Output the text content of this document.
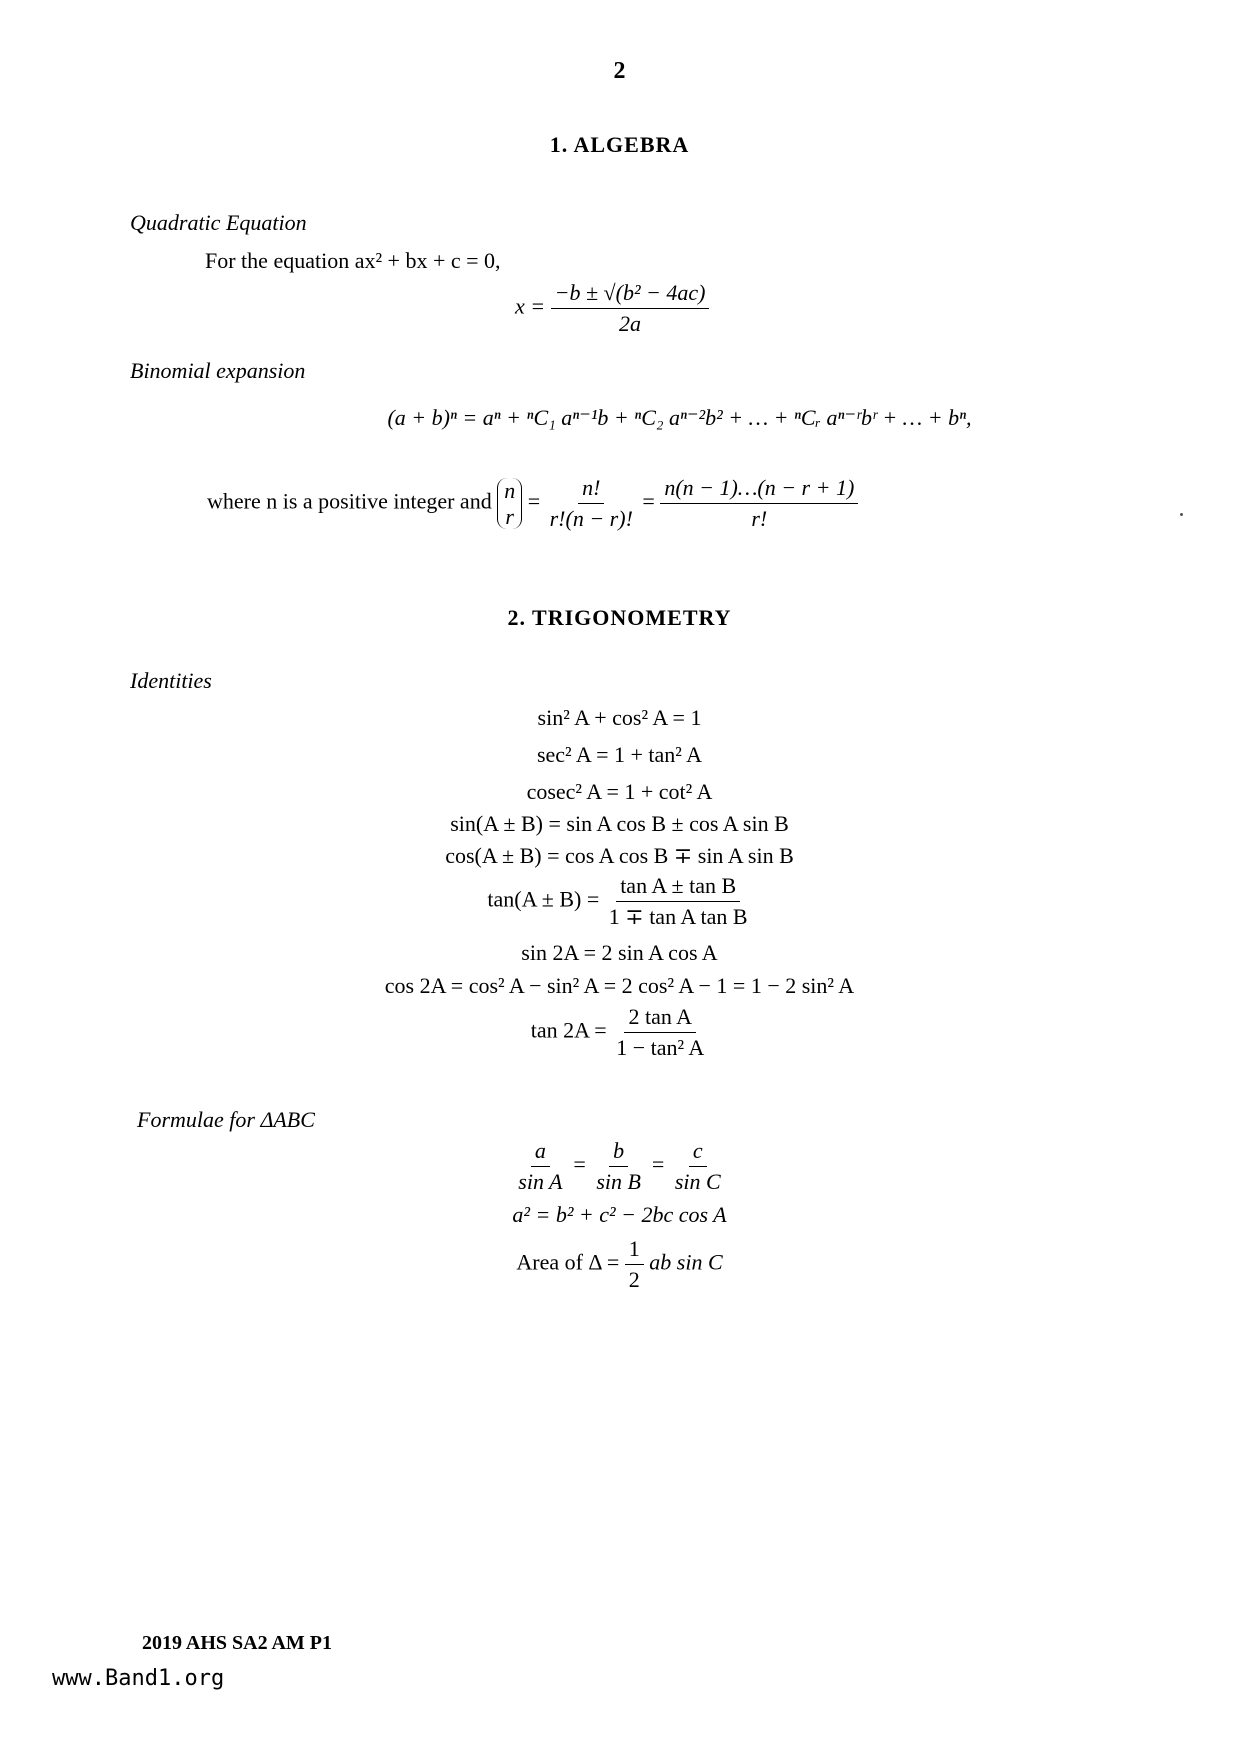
2
1. ALGEBRA
Quadratic Equation
For the equation ax² + bx + c = 0,
$x = \frac{\text{−b ± √(b² − 4ac)}}{2a}$
Binomial expansion
(a + b)ⁿ = aⁿ + ⁿC₁ aⁿ⁻¹b + ⁿC₂ aⁿ⁻²b² + … + ⁿCᵣ aⁿ⁻ʳbʳ + … + bⁿ,
where n is a positive integer and n
r
= $\frac{n!}{r!(n - r)!} = \frac{n(n - 1)\dots(n - r + 1)}{r!}$
2. TRIGONOMETRY
Identities
sin² A + cos² A = 1
sec² A = 1 + tan² A
cosec² A = 1 + cot² A
sin(A ± B) = sin A cos B ± cos A sin B
cos(A ± B) = cos A cos B ∓ sin A sin B
$\tan(A \pm B) = \frac{\text{tan A ± tan B}}{\text{1 ∓ tan A tan B}}$
sin 2A = 2 sin A cos A
cos 2A = cos² A − sin² A = 2 cos² A − 1 = 1 − 2 sin² A
$\tan 2A = \frac{\text{2 tan A}}{\text{1 − tan² A}}$
Formulae for ΔABC
$\frac{a}{\text{sin A}} = \frac{b}{\text{sin B}} = \frac{c}{\text{sin C}}$
a² = b² + c² − 2bc cos A
Area of $\Delta = \frac{1}{2}$ ab sin C
2019 AHS SA2 AM P1
www.Band1.org
